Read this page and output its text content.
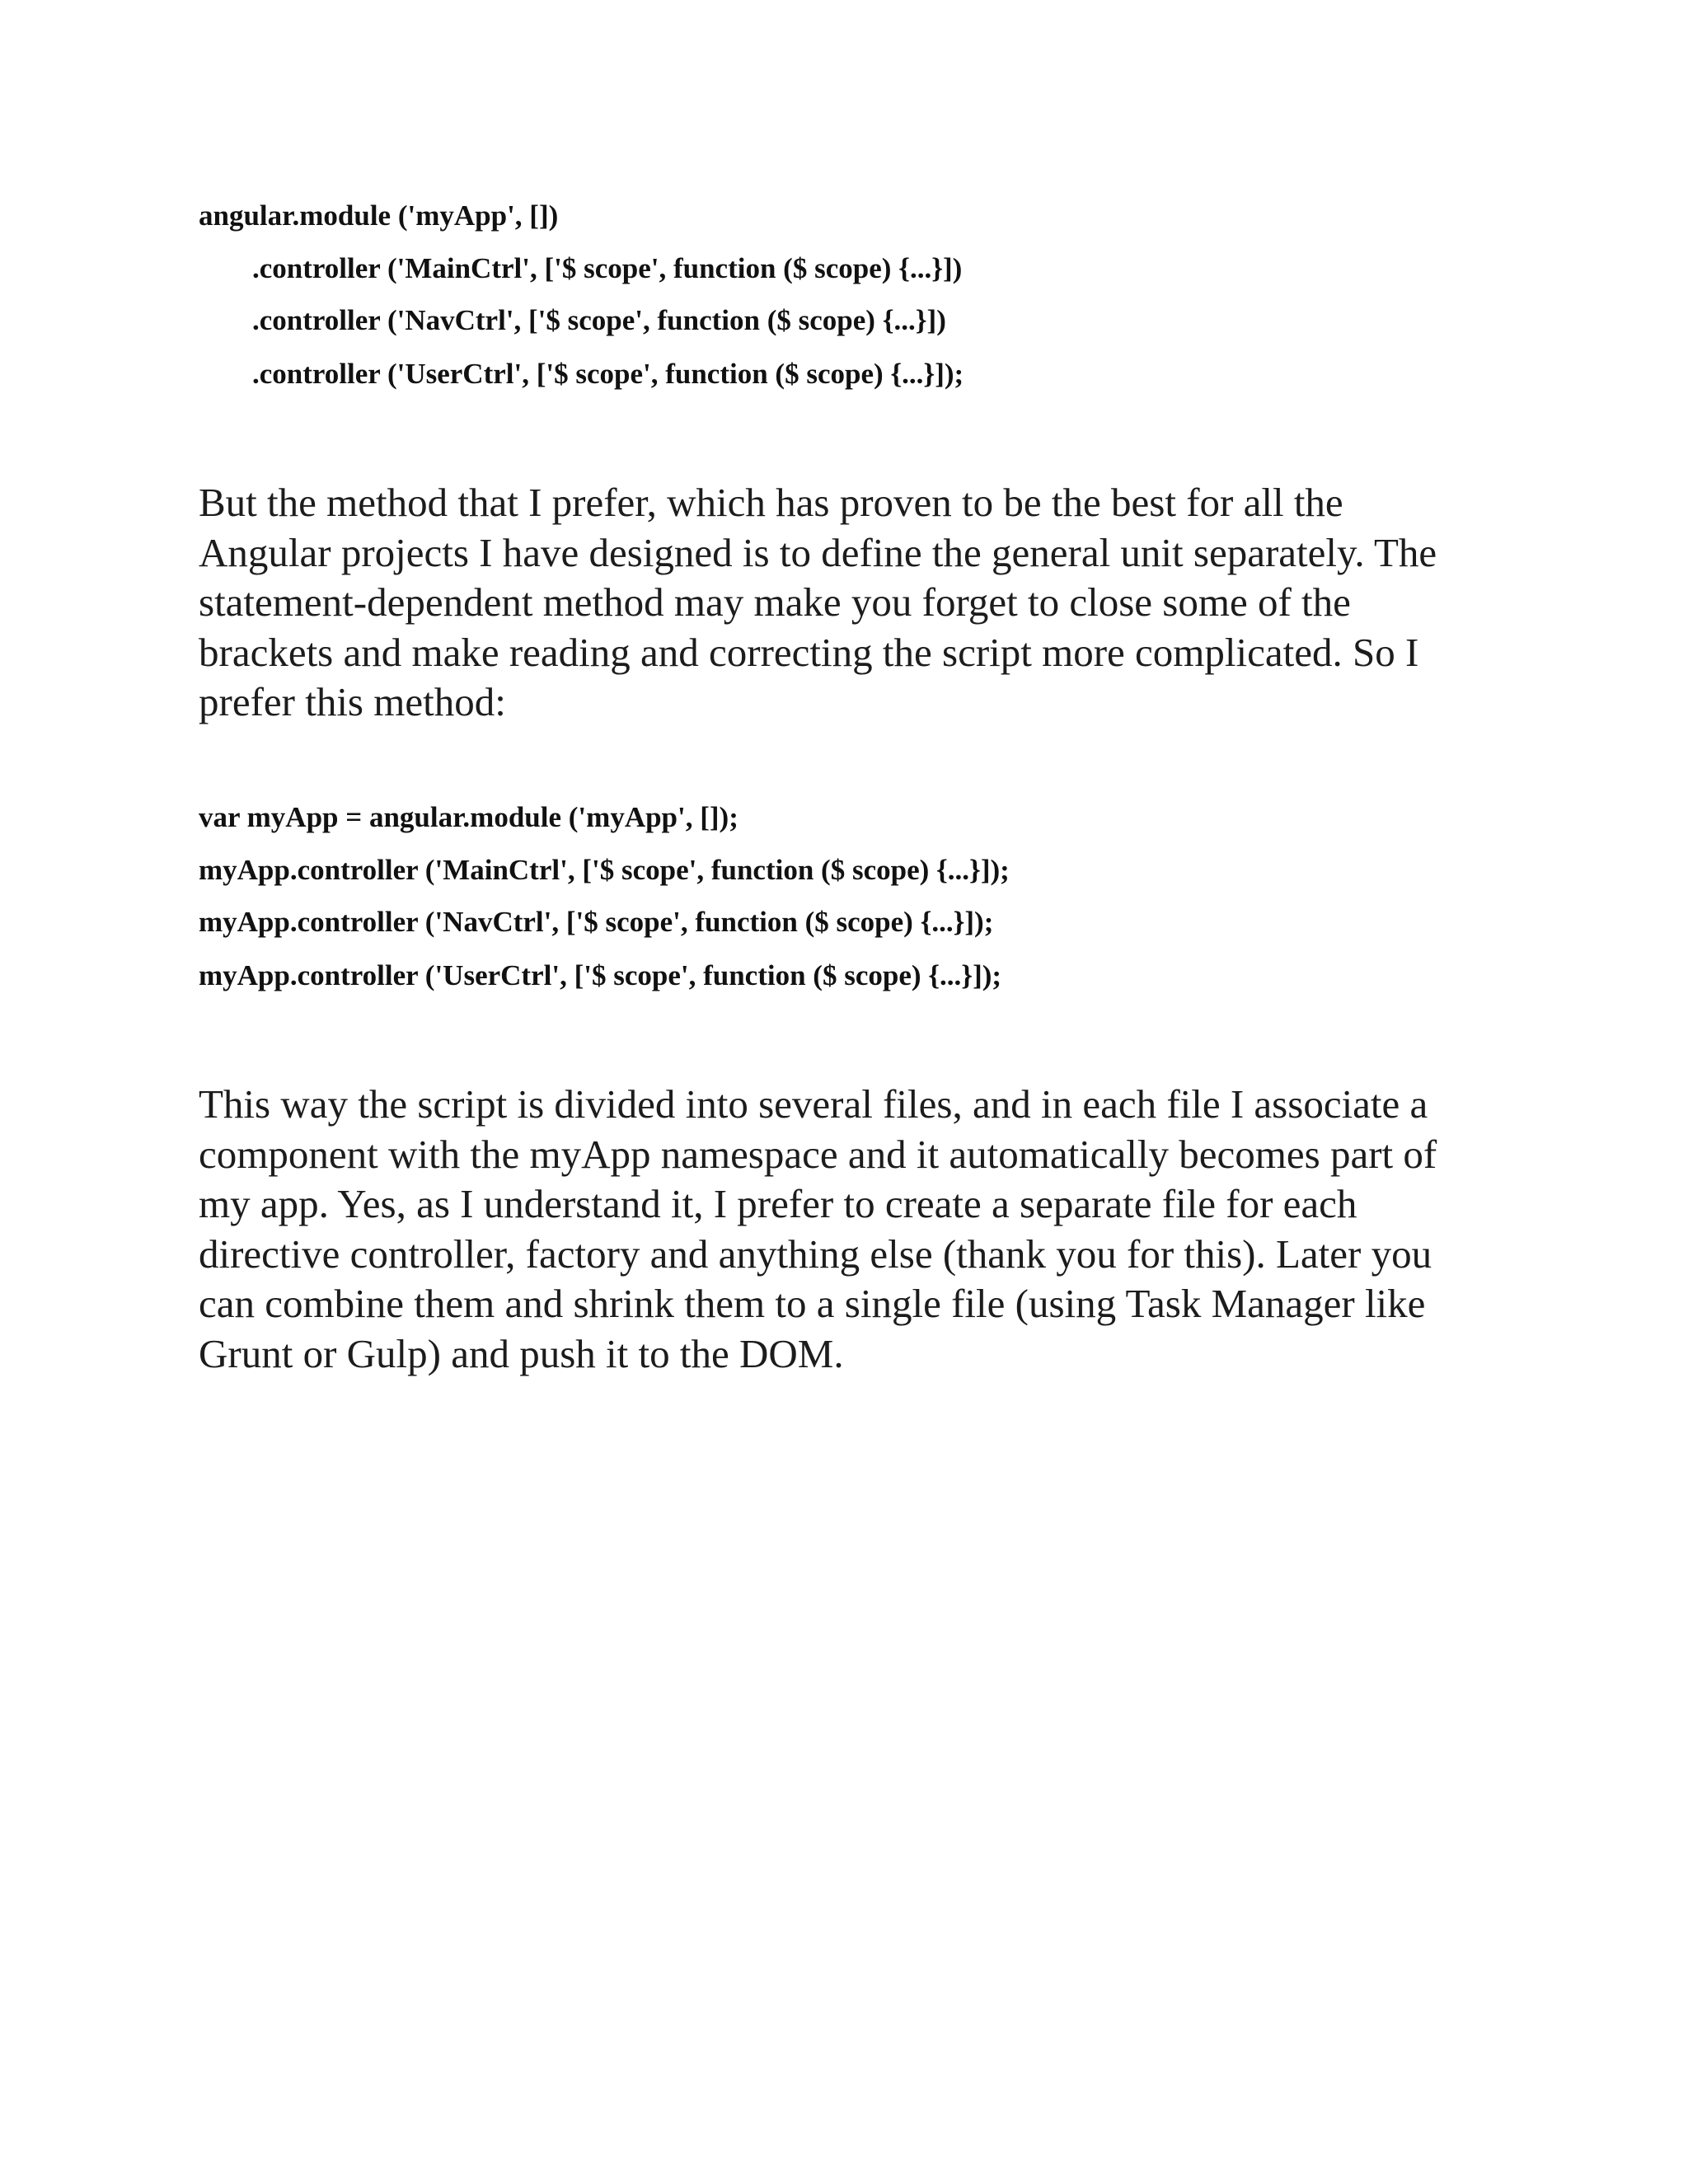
angular.module ('myApp', [])

.controller ('MainCtrl', ['$ scope', function ($ scope) {...}])

.controller ('NavCtrl', ['$ scope', function ($ scope) {...}])

.controller ('UserCtrl', ['$ scope', function ($ scope) {...}]);

But the method that I prefer, which has proven to be the best for all the
Angular projects I have designed is to define the general unit separately. The
statement-dependent method may make you forget to close some of the
brackets and make reading and correcting the script more complicated. So I
prefer this method:

var myApp = angular.module ('myApp', []);

myApp.controller ('MainCtrl', ['$ scope', function ($ scope) {...}]);

myApp.controller ('NavCtrl', ['$ scope', function ($ scope) {...}]);

myApp.controller ('UserCtrl', ['$ scope', function ($ scope) {...}]);

This way the script is divided into several files, and in each file I associate a
component with the myApp namespace and it automatically becomes part of
my app. Yes, as I understand it, I prefer to create a separate file for each
directive controller, factory and anything else (thank you for this). Later you
can combine them and shrink them to a single file (using Task Manager like
Grunt or Gulp) and push it to the DOM.
